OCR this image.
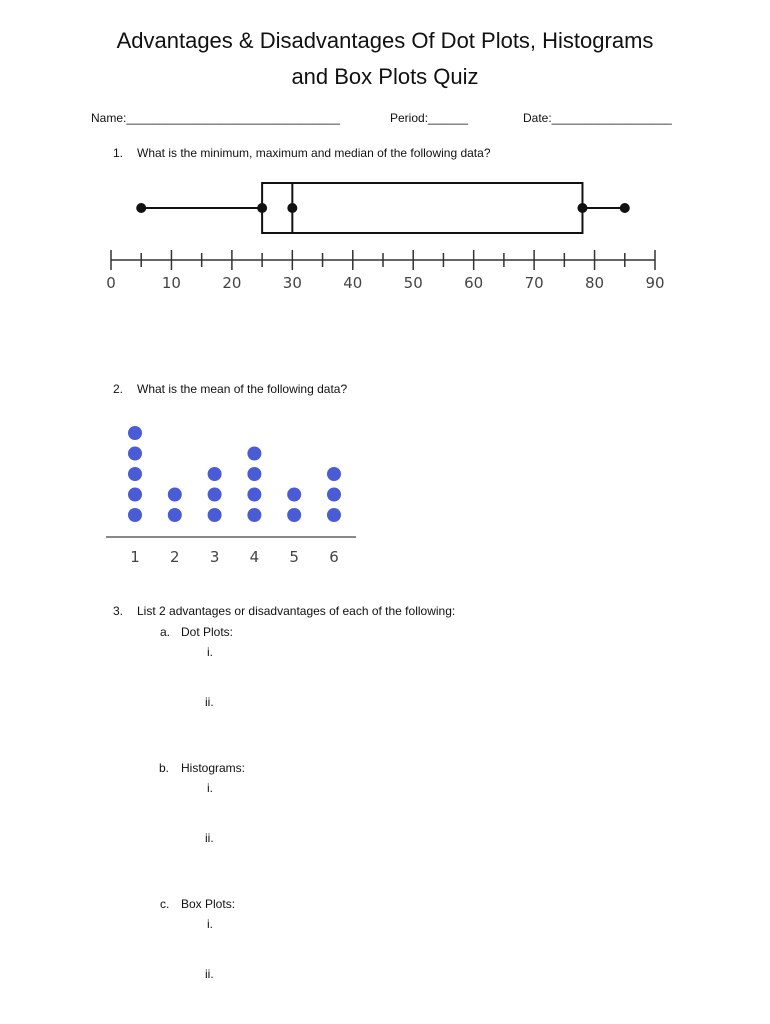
Advantages & Disadvantages Of Dot Plots, Histograms
and Box Plots Quiz
Name:________________________________	Period:______	Date:__________________
1. What is the minimum, maximum and median of the following data?
0	10	20	30	40	50	60	70	80	90
2. What is the mean of the following data?
1 2 3 4 5 6
3. List 2 advantages or disadvantages of each of the following:
a. Dot Plots:
i.
ii.
b. Histograms:
i.
ii.
c. Box Plots:
i.
ii.
